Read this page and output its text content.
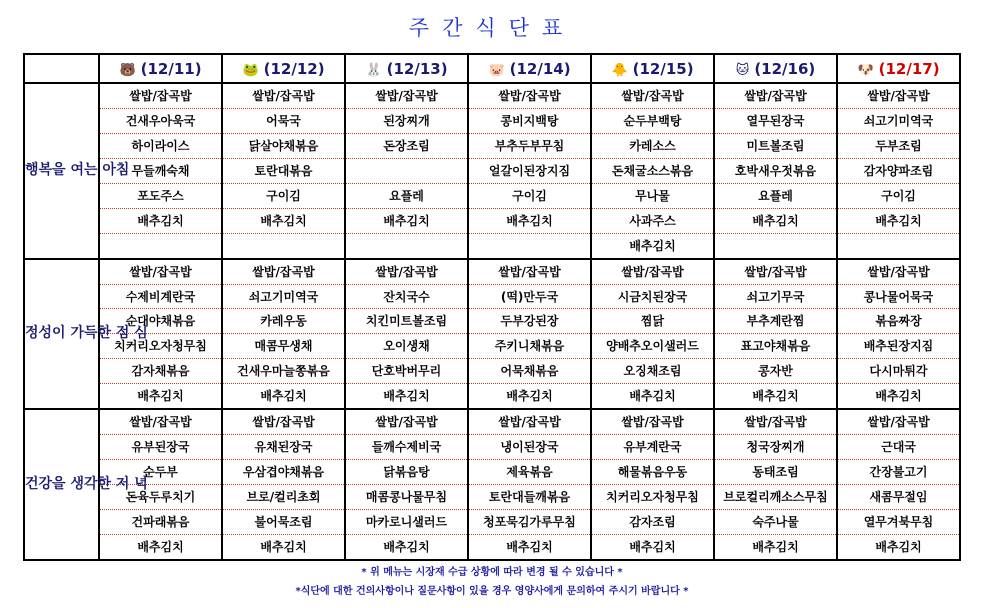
주간식단표
	🐻 (12/11)	🐸 (12/12)	🐰 (12/13)	🐷 (12/14)	🐥 (12/15)	🐱 (12/16)	🐶 (12/17)
행복을 여는 아침	쌀밥/잡곡밥	쌀밥/잡곡밥	쌀밥/잡곡밥	쌀밥/잡곡밥	쌀밥/잡곡밥	쌀밥/잡곡밥	쌀밥/잡곡밥
	건새우아욱국	어묵국	된장찌개	콩비지백탕	순두부백탕	열무된장국	쇠고기미역국
	하이라이스	닭살야채볶음	돈장조림	부추두부무침	카레소스	미트볼조림	두부조림
	무들깨숙채	토란대볶음		얼갈이된장지짐	돈채굴소스볶음	호박새우젓볶음	감자양파조림
	포도주스	구이김	요플레	구이김	무나물	요플레	구이김
	배추김치	배추김치	배추김치	배추김치	사과주스	배추김치	배추김치
					배추김치		
정성이 가득한 점 심	쌀밥/잡곡밥	쌀밥/잡곡밥	쌀밥/잡곡밥	쌀밥/잡곡밥	쌀밥/잡곡밥	쌀밥/잡곡밥	쌀밥/잡곡밥
	수제비계란국	쇠고기미역국	잔치국수	(떡)만두국	시금치된장국	쇠고기무국	콩나물어묵국
	순대야채볶음	카레우동	치킨미트볼조림	두부강된장	찜닭	부추계란찜	볶음짜장
	치커리오자청무침	매콤무생채	오이생채	주키니채볶음	양배추오이샐러드	표고야채볶음	배추된장지짐
	감자채볶음	건새우마늘쫑볶음	단호박버무리	어묵채볶음	오징채조림	콩자반	다시마튀각
	배추김치	배추김치	배추김치	배추김치	배추김치	배추김치	배추김치
건강을 생각한 저 녁	쌀밥/잡곡밥	쌀밥/잡곡밥	쌀밥/잡곡밥	쌀밥/잡곡밥	쌀밥/잡곡밥	쌀밥/잡곡밥	쌀밥/잡곡밥
	유부된장국	유채된장국	들깨수제비국	냉이된장국	유부계란국	청국장찌개	근대국
	순두부	우삼겹야채볶음	닭볶음탕	제육볶음	해물볶음우동	동태조림	간장불고기
	돈육두루치기	브로/컬리초회	매콤콩나물무침	토란대들깨볶음	치커리오자청무침	브로컬리깨소스무침	새콤무절임
	건파래볶음	불어묵조림	마카로니샐러드	청포묵김가루무침	감자조림	숙주나물	열무겨북무침
	배추김치	배추김치	배추김치	배추김치	배추김치	배추김치	배추김치
* 위 메뉴는 시장재 수급 상황에 따라 변경 될 수 있습니다 *
*식단에 대한 건의사항이나 질문사항이 있을 경우 영양사에게 문의하여 주시기 바랍니다 *
